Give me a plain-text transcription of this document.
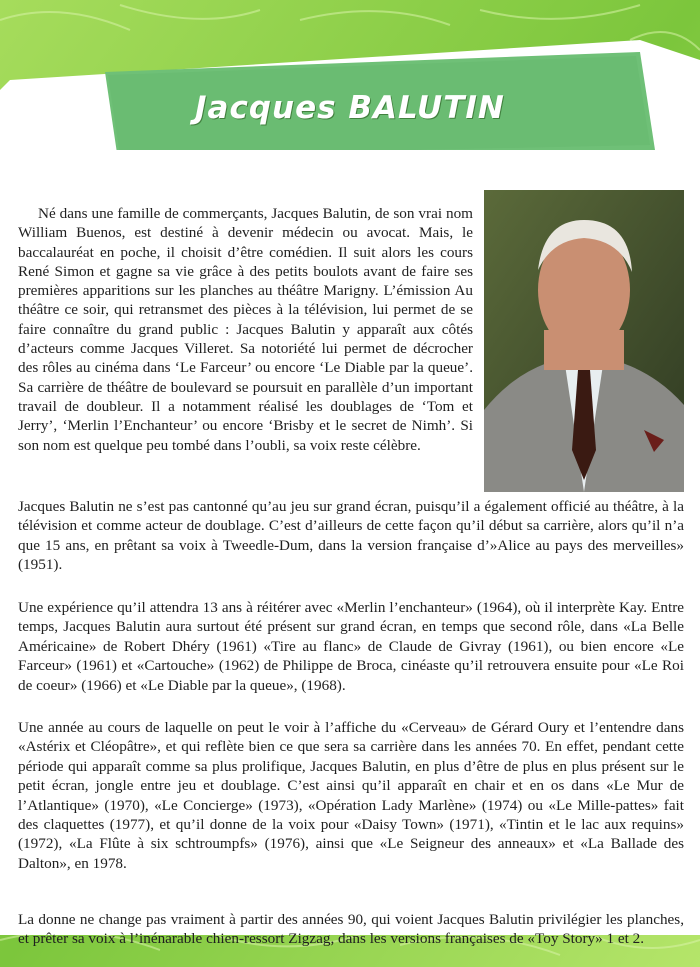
Jacques BALUTIN

Né dans une famille de commerçants, Jacques Balutin, de son vrai nom William Buenos, est destiné à devenir médecin ou avocat. Mais, le baccalauréat en poche, il choisit d’être comédien. Il suit alors les cours René Simon et gagne sa vie grâce à des petits boulots avant de faire ses premières apparitions sur les planches au théâtre Marigny. L’émission Au théâtre ce soir, qui retransmet des pièces à la télévision, lui permet de se faire connaître du grand public : Jacques Balutin y apparaît aux côtés d’acteurs comme Jacques Villeret. Sa notoriété lui permet de décrocher des rôles au cinéma dans ‘Le Farceur’ ou encore ‘Le Diable par la queue’. Sa carrière de théâtre de boulevard se poursuit en parallèle d’un important travail de doubleur. Il a notamment réalisé les doublages de ‘Tom et Jerry’, ‘Merlin l’Enchanteur’ ou encore ‘Brisby et le secret de Nimh’. Si son nom est quelque peu tombé dans l’oubli, sa voix reste célèbre.

Jacques Balutin ne s’est pas cantonné qu’au jeu sur grand écran, puisqu’il a également officié au théâtre, à la télévision et comme acteur de doublage. C’est d’ailleurs de cette façon qu’il début sa carrière, alors qu’il n’a que 15 ans, en prêtant sa voix à Tweedle-Dum, dans la version française d’»Alice au pays des merveilles» (1951).

Une expérience qu’il attendra 13 ans à réitérer avec «Merlin l’enchanteur» (1964), où il interprète Kay. Entre temps, Jacques Balutin aura surtout été présent sur grand écran, en temps que second rôle, dans «La Belle Américaine» de Robert Dhéry (1961) «Tire au flanc» de Claude de Givray (1961), ou bien encore «Le Farceur» (1961) et «Cartouche» (1962) de Philippe de Broca, cinéaste qu’il retrouvera ensuite pour «Le Roi de coeur» (1966) et «Le Diable par la queue», (1968).

Une année au cours de laquelle on peut le voir à l’affiche du «Cerveau» de Gérard Oury et l’entendre dans «Astérix et Cléopâtre», et qui reflète bien ce que sera sa carrière dans les années 70. En effet, pendant cette période qui apparaît comme sa plus prolifique, Jacques Balutin, en plus d’être de plus en plus présent sur le petit écran, jongle entre jeu et doublage. C’est ainsi qu’il apparaît en chair et en os dans «Le Mur de l’Atlantique» (1970), «Le Concierge» (1973), «Opération Lady Marlène» (1974) ou «Le Mille-pattes» fait des claquettes (1977), et qu’il donne de la voix pour «Daisy Town» (1971), «Tintin et le lac aux requins» (1972), «La Flûte à six schtroumpfs» (1976), ainsi que «Le Seigneur des anneaux» et «La Ballade des Dalton», en 1978.

La donne ne change pas vraiment à partir des années 90, qui voient Jacques Balutin privilégier les planches, et prêter sa voix à l’inénarable chien-ressort Zigzag, dans les versions françaises de «Toy Story» 1 et 2.
